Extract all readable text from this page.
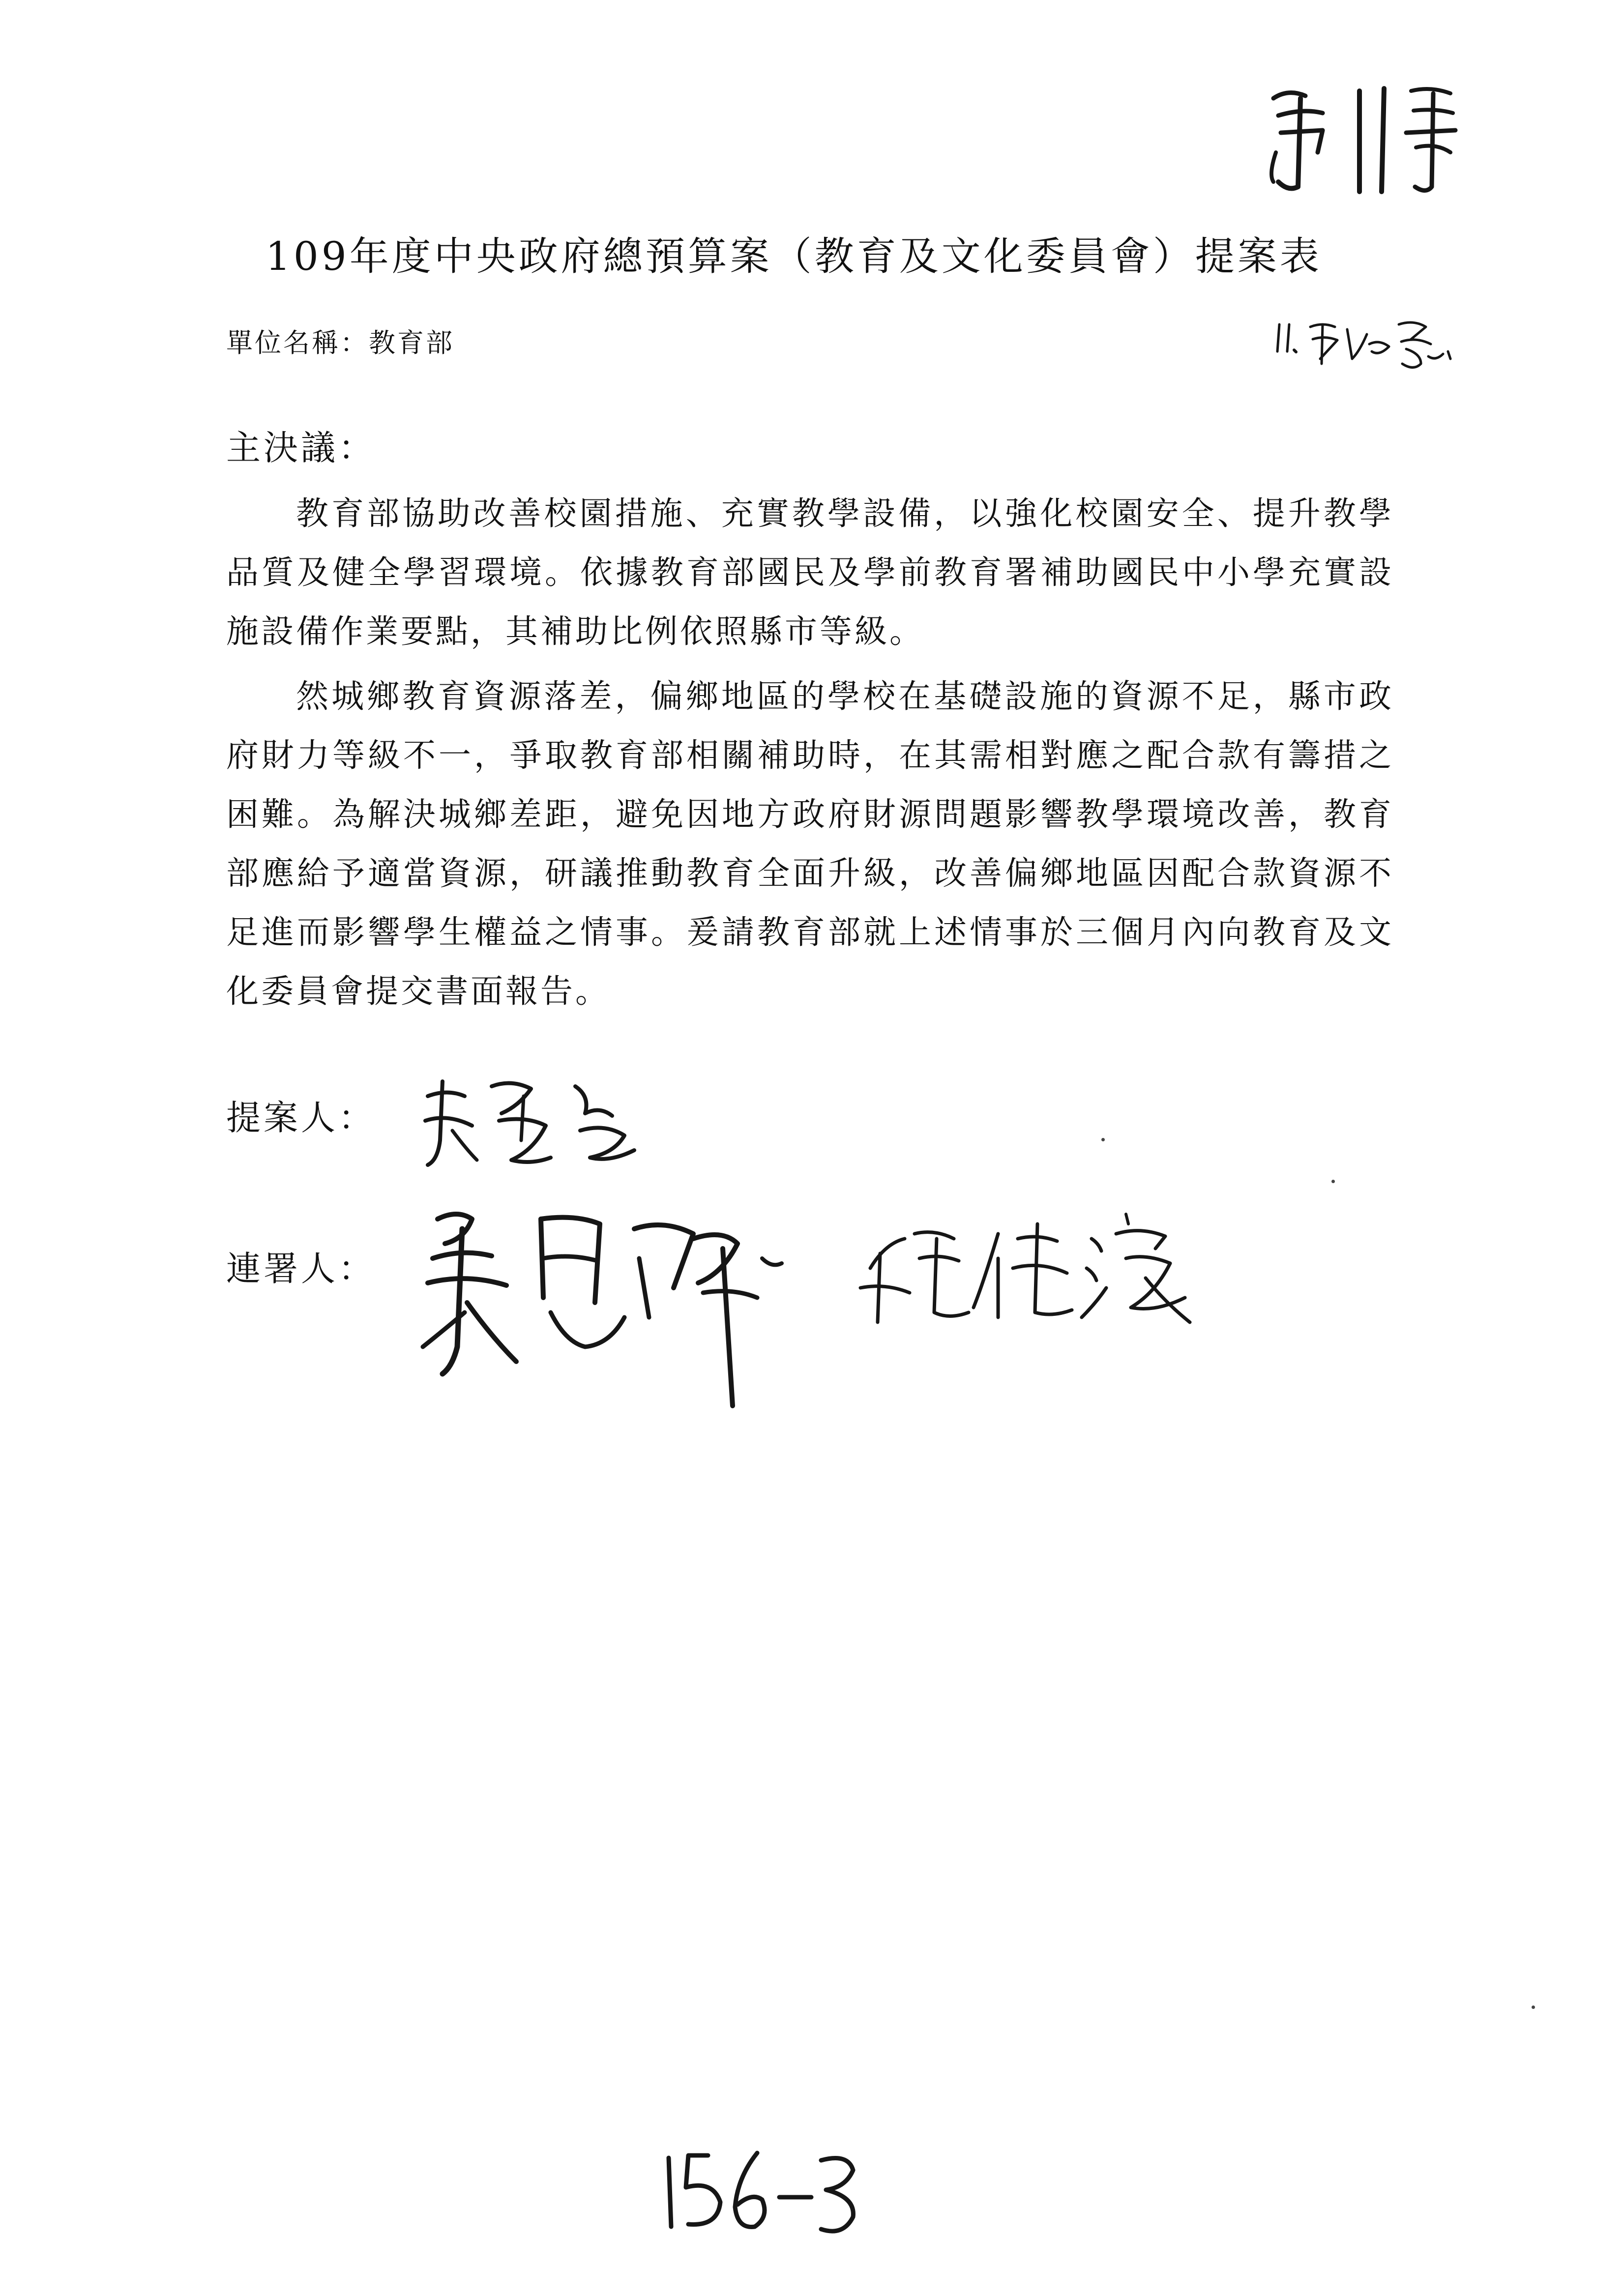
109年度中央政府總預算案（教育及文化委員會）提案表
單位名稱：教育部
主決議：

教育部協助改善校園措施、充實教學設備，以強化校園安全、提升教學品質及健全學習環境。依據教育部國民及學前教育署補助國民中小學充實設施設備作業要點，其補助比例依照縣市等級。

然城鄉教育資源落差，偏鄉地區的學校在基礎設施的資源不足，縣市政府財力等級不一，爭取教育部相關補助時，在其需相對應之配合款有籌措之困難。為解決城鄉差距，避免因地方政府財源問題影響教學環境改善，教育部應給予適當資源，研議推動教育全面升級，改善偏鄉地區因配合款資源不足進而影響學生權益之情事。爰請教育部就上述情事於三個月內向教育及文化委員會提交書面報告。

提案人：
連署人：
